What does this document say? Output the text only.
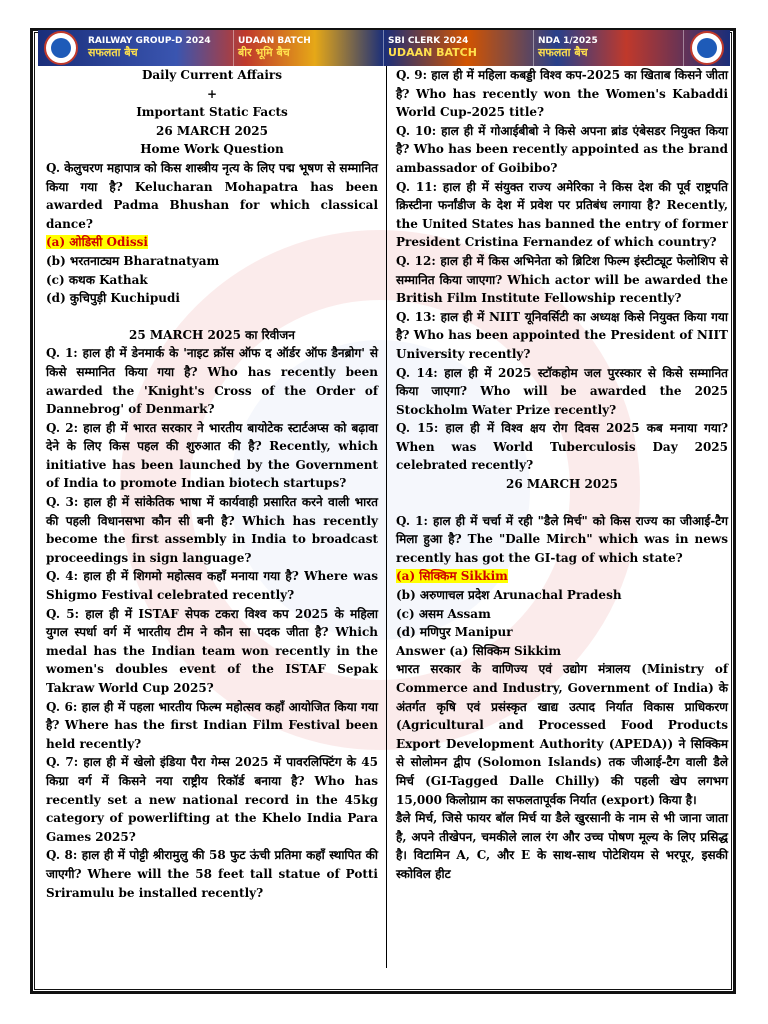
RAILWAY GROUP-D 2024
सफलता बैच
UDAAN BATCH
बीर भूमि बैच
SBI CLERK 2024
UDAAN BATCH
NDA 1/2025
सफलता बैच
Daily Current Affairs
+
Important Static Facts
26 MARCH 2025
Home Work Question
Q. केलुचरण महापात्र को किस शास्त्रीय नृत्य के लिए पद्म भूषण से सम्मानित किया गया है? Kelucharan Mohapatra has been awarded Padma Bhushan for which classical dance?
(a) ओडिसी Odissi
(b) भरतनाट्यम Bharatnatyam
(c) कथक Kathak
(d) कुचिपुड़ी Kuchipudi
25 MARCH 2025 का रिवीजन
Q. 1: हाल ही में डेनमार्क के 'नाइट क्रॉस ऑफ द ऑर्डर ऑफ डैनब्रोग' से किसे सम्मानित किया गया है? Who has recently been awarded the 'Knight's Cross of the Order of Dannebrog' of Denmark?
Q. 2: हाल ही में भारत सरकार ने भारतीय बायोटेक स्टार्टअप्स को बढ़ावा देने के लिए किस पहल की शुरुआत की है? Recently, which initiative has been launched by the Government of India to promote Indian biotech startups?
Q. 3: हाल ही में सांकेतिक भाषा में कार्यवाही प्रसारित करने वाली भारत की पहली विधानसभा कौन सी बनी है? Which has recently become the first assembly in India to broadcast proceedings in sign language?
Q. 4: हाल ही में शिगमो महोत्सव कहाँ मनाया गया है? Where was Shigmo Festival celebrated recently?
Q. 5: हाल ही में ISTAF सेपक टकरा विश्व कप 2025 के महिला युगल स्पर्धा वर्ग में भारतीय टीम ने कौन सा पदक जीता है? Which medal has the Indian team won recently in the women's doubles event of the ISTAF Sepak Takraw World Cup 2025?
Q. 6: हाल ही में पहला भारतीय फिल्म महोत्सव कहाँ आयोजित किया गया है? Where has the first Indian Film Festival been held recently?
Q. 7: हाल ही में खेलो इंडिया पैरा गेम्स 2025 में पावरलिफ्टिंग के 45 किग्रा वर्ग में किसने नया राष्ट्रीय रिकॉर्ड बनाया है? Who has recently set a new national record in the 45kg category of powerlifting at the Khelo India Para Games 2025?
Q. 8: हाल ही में पोट्टी श्रीरामुलु की 58 फुट ऊंची प्रतिमा कहाँ स्थापित की जाएगी? Where will the 58 feet tall statue of Potti Sriramulu be installed recently?
Q. 9: हाल ही में महिला कबड्डी विश्व कप-2025 का खिताब किसने जीता है? Who has recently won the Women's Kabaddi World Cup-2025 title?
Q. 10: हाल ही में गोआईबीबो ने किसे अपना ब्रांड एंबेसडर नियुक्त किया है? Who has been recently appointed as the brand ambassador of Goibibo?
Q. 11: हाल ही में संयुक्त राज्य अमेरिका ने किस देश की पूर्व राष्ट्रपति क्रिस्टीना फर्नांडीज के देश में प्रवेश पर प्रतिबंध लगाया है? Recently, the United States has banned the entry of former President Cristina Fernandez of which country?
Q. 12: हाल ही में किस अभिनेता को ब्रिटिश फिल्म इंस्टीट्यूट फेलोशिप से सम्मानित किया जाएगा? Which actor will be awarded the British Film Institute Fellowship recently?
Q. 13: हाल ही में NIIT यूनिवर्सिटी का अध्यक्ष किसे नियुक्त किया गया है? Who has been appointed the President of NIIT University recently?
Q. 14: हाल ही में 2025 स्टॉकहोम जल पुरस्कार से किसे सम्मानित किया जाएगा? Who will be awarded the 2025 Stockholm Water Prize recently?
Q. 15: हाल ही में विश्व क्षय रोग दिवस 2025 कब मनाया गया? When was World Tuberculosis Day 2025 celebrated recently?
26 MARCH 2025
Q. 1: हाल ही में चर्चा में रही "डैले मिर्च" को किस राज्य का जीआई-टैग मिला हुआ है? The "Dalle Mirch" which was in news recently has got the GI-tag of which state?
(a) सिक्किम Sikkim
(b) अरुणाचल प्रदेश Arunachal Pradesh
(c) असम Assam
(d) मणिपुर Manipur
Answer (a) सिक्किम Sikkim
भारत सरकार के वाणिज्य एवं उद्योग मंत्रालय (Ministry of Commerce and Industry, Government of India) के अंतर्गत कृषि एवं प्रसंस्कृत खाद्य उत्पाद निर्यात विकास प्राधिकरण (Agricultural and Processed Food Products Export Development Authority (APEDA)) ने सिक्किम से सोलोमन द्वीप (Solomon Islands) तक जीआई-टैग वाली डैले मिर्च (GI-Tagged Dalle Chilly) की पहली खेप लगभग 15,000 किलोग्राम का सफलतापूर्वक निर्यात (export) किया है।
डैले मिर्च, जिसे फायर बॉल मिर्च या डैले खुरसानी के नाम से भी जाना जाता है, अपने तीखेपन, चमकीले लाल रंग और उच्च पोषण मूल्य के लिए प्रसिद्ध है। विटामिन A, C, और E के साथ-साथ पोटेशियम से भरपूर, इसकी स्कोविल हीट
